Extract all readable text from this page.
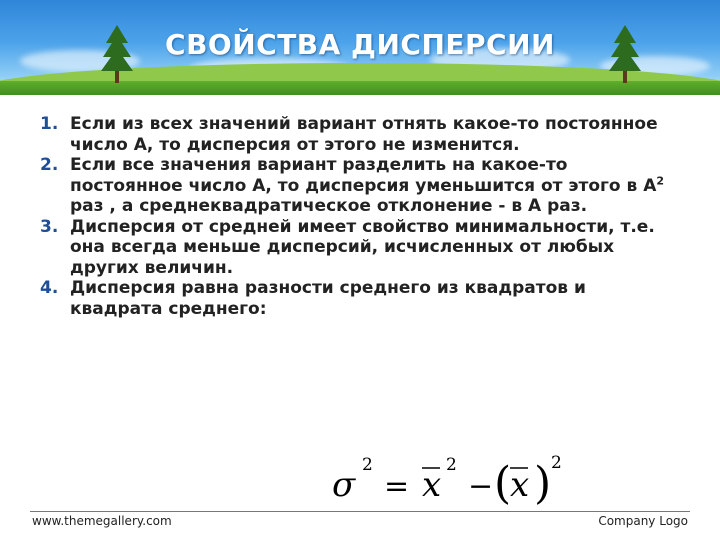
СВОЙСТВА ДИСПЕРСИИ
1. Если из всех значений вариант отнять какое-то постоянное число А, то дисперсия от этого не изменится.
2. Если все значения вариант разделить на какое-то постоянное число А, то дисперсия уменьшится от этого в $А^2$ раз , а среднеквадратическое отклонение - в А раз.
3. Дисперсия от средней имеет свойство минимальности, т.е. она всегда меньше дисперсий, исчисленных от любых других величин.
4. Дисперсия равна разности среднего из квадратов и квадрата среднего:
σ 2
= x 2
− (
x ) 2
www.themegallery.com	Company Logo
